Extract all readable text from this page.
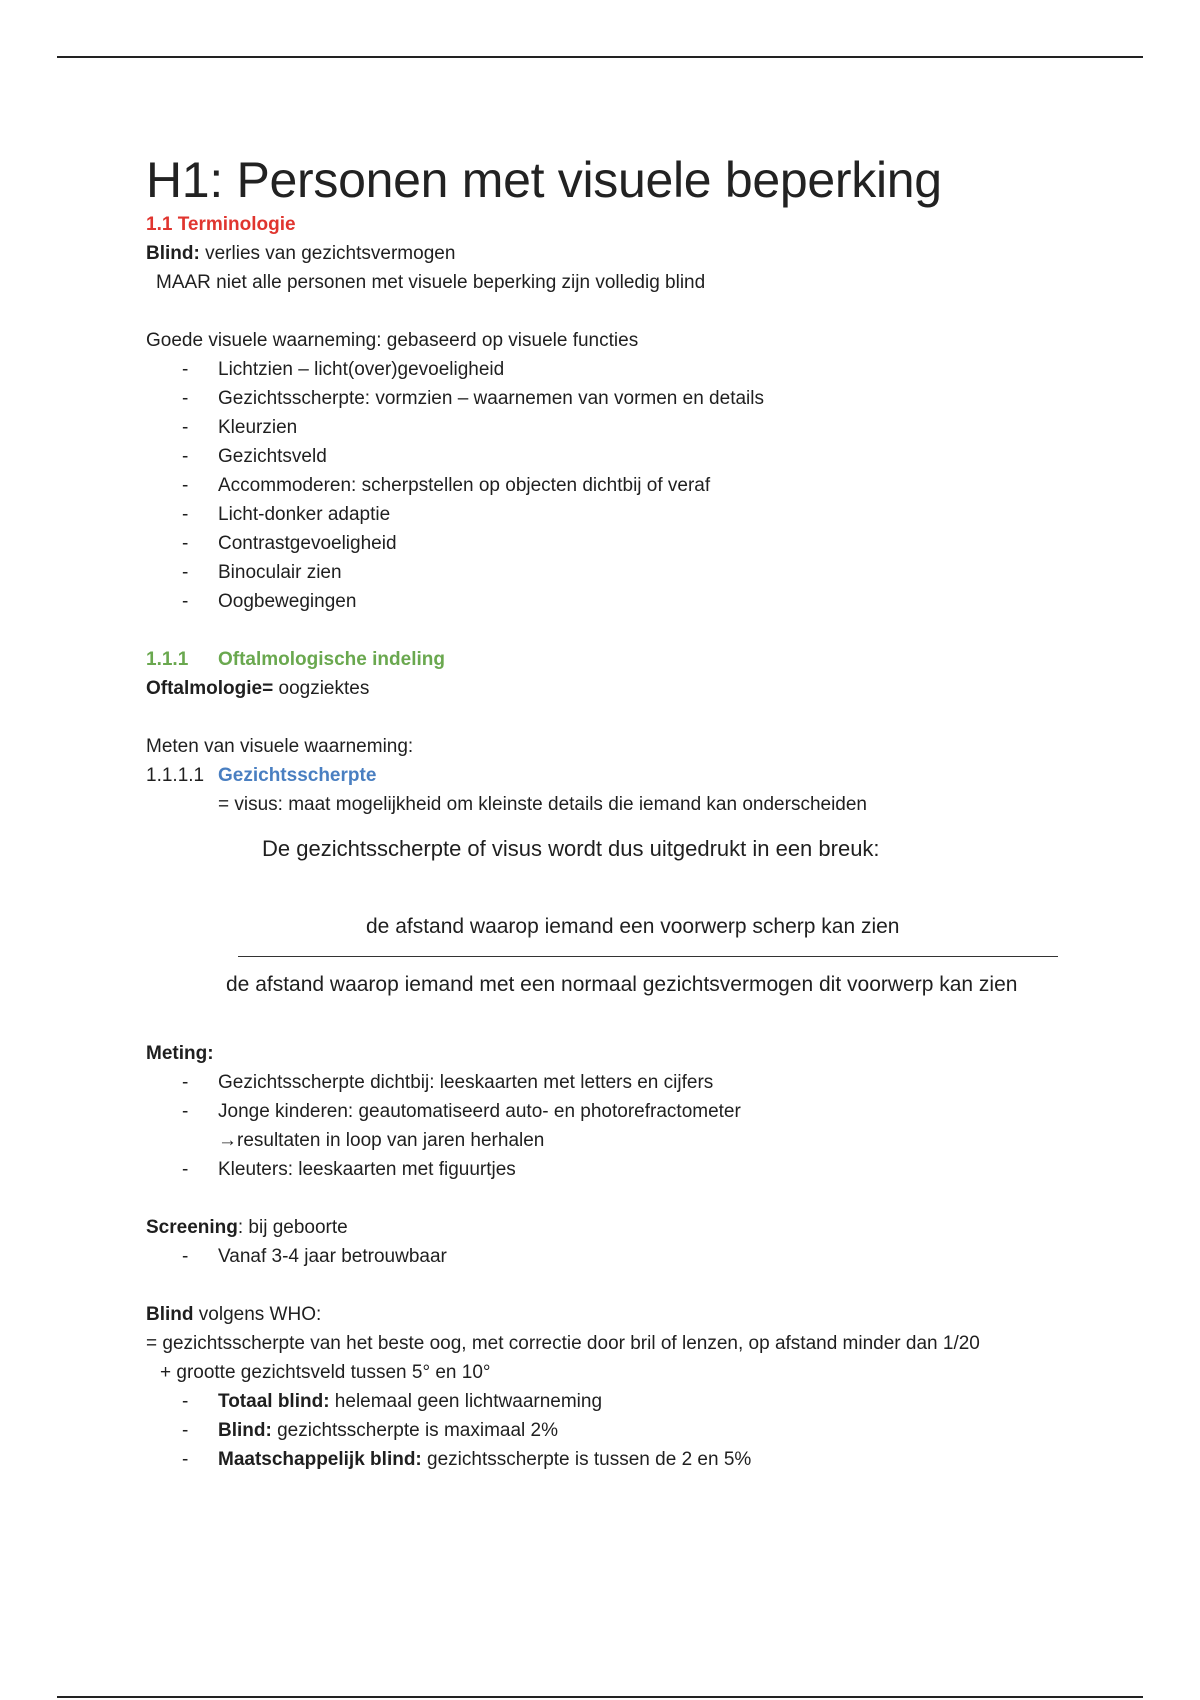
H1: Personen met visuele beperking
1.1 Terminologie
Blind: verlies van gezichtsvermogen
MAAR niet alle personen met visuele beperking zijn volledig blind
Goede visuele waarneming: gebaseerd op visuele functies
- Lichtzien – licht(over)gevoeligheid
- Gezichtsscherpte: vormzien – waarnemen van vormen en details
- Kleurzien
- Gezichtsveld
- Accommoderen: scherpstellen op objecten dichtbij of veraf
- Licht-donker adaptie
- Contrastgevoeligheid
- Binoculair zien
- Oogbewegingen
1.1.1 Oftalmologische indeling
Oftalmologie= oogziektes
Meten van visuele waarneming:
1.1.1.1 Gezichtsscherpte
= visus: maat mogelijkheid om kleinste details die iemand kan onderscheiden
De gezichtsscherpte of visus wordt dus uitgedrukt in een breuk:
de afstand waarop iemand een voorwerp scherp kan zien
de afstand waarop iemand met een normaal gezichtsvermogen dit voorwerp kan zien
Meting:
- Gezichtsscherpte dichtbij: leeskaarten met letters en cijfers
- Jonge kinderen: geautomatiseerd auto- en photorefractometer
→resultaten in loop van jaren herhalen
- Kleuters: leeskaarten met figuurtjes
Screening: bij geboorte
- Vanaf 3-4 jaar betrouwbaar
Blind volgens WHO:
= gezichtsscherpte van het beste oog, met correctie door bril of lenzen, op afstand minder dan 1/20
+ grootte gezichtsveld tussen 5° en 10°
- Totaal blind: helemaal geen lichtwaarneming
- Blind: gezichtsscherpte is maximaal 2%
- Maatschappelijk blind: gezichtsscherpte is tussen de 2 en 5%
